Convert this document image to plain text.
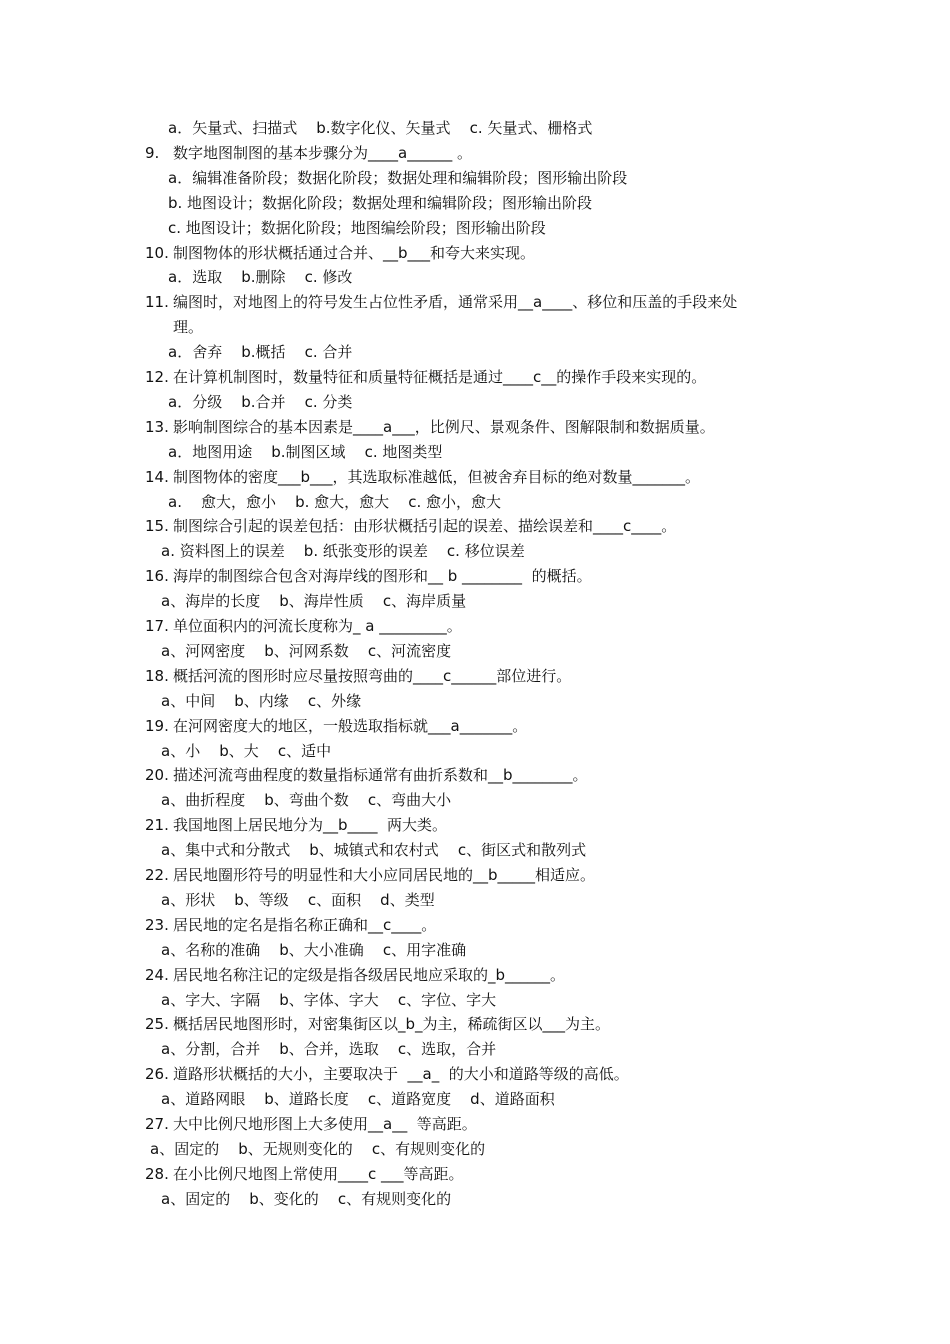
a．矢量式、扫描式    b.数字化仪、矢量式    c. 矢量式、栅格式
9. 数字地图制图的基本步骤分为____a______ 。
a．编辑准备阶段；数据化阶段；数据处理和编辑阶段；图形输出阶段
b. 地图设计；数据化阶段；数据处理和编辑阶段；图形输出阶段
c. 地图设计；数据化阶段；地图编绘阶段；图形输出阶段
10. 制图物体的形状概括通过合并、__b___和夸大来实现。
a．选取    b.删除    c. 修改
11. 编图时，对地图上的符号发生占位性矛盾，通常采用__a____、移位和压盖的手段来处
理。
a．舍弃    b.概括    c. 合并
12. 在计算机制图时，数量特征和质量特征概括是通过____c__的操作手段来实现的。
a．分级    b.合并    c. 分类
13. 影响制图综合的基本因素是____a___，比例尺、景观条件、图解限制和数据质量。
a．地图用途    b.制图区域    c. 地图类型
14. 制图物体的密度___b___，其选取标准越低，但被舍弃目标的绝对数量_______。
a.    愈大，愈小    b. 愈大，愈大    c. 愈小，愈大
15. 制图综合引起的误差包括：由形状概括引起的误差、描绘误差和____c____。
a. 资料图上的误差    b. 纸张变形的误差    c. 移位误差
16. 海岸的制图综合包含对海岸线的图形和__ b ________  的概括。
a、海岸的长度    b、海岸性质    c、海岸质量
17. 单位面积内的河流长度称为_ a _________。
a、河网密度    b、河网系数    c、河流密度
18. 概括河流的图形时应尽量按照弯曲的____c______部位进行。
a、中间    b、内缘    c、外缘
19. 在河网密度大的地区，一般选取指标就___a_______。
a、小    b、大    c、适中
20. 描述河流弯曲程度的数量指标通常有曲折系数和__b________。
a、曲折程度    b、弯曲个数    c、弯曲大小
21. 我国地图上居民地分为__b____  两大类。
a、集中式和分散式    b、城镇式和农村式    c、街区式和散列式
22. 居民地圈形符号的明显性和大小应同居民地的__b_____相适应。
a、形状    b、等级    c、面积    d、类型
23. 居民地的定名是指名称正确和__c____。
a、名称的准确    b、大小准确    c、用字准确
24. 居民地名称注记的定级是指各级居民地应采取的_b______。
a、字大、字隔    b、字体、字大    c、字位、字大
25. 概括居民地图形时，对密集街区以_b_为主，稀疏街区以___为主。
a、分割，合并    b、合并，选取    c、选取，合并
26. 道路形状概括的大小，主要取决于  __a_  的大小和道路等级的高低。
a、道路网眼    b、道路长度    c、道路宽度    d、道路面积
27. 大中比例尺地形图上大多使用__a__  等高距。
a、固定的    b、无规则变化的    c、有规则变化的
28. 在小比例尺地图上常使用____c ___等高距。
a、固定的    b、变化的    c、有规则变化的
